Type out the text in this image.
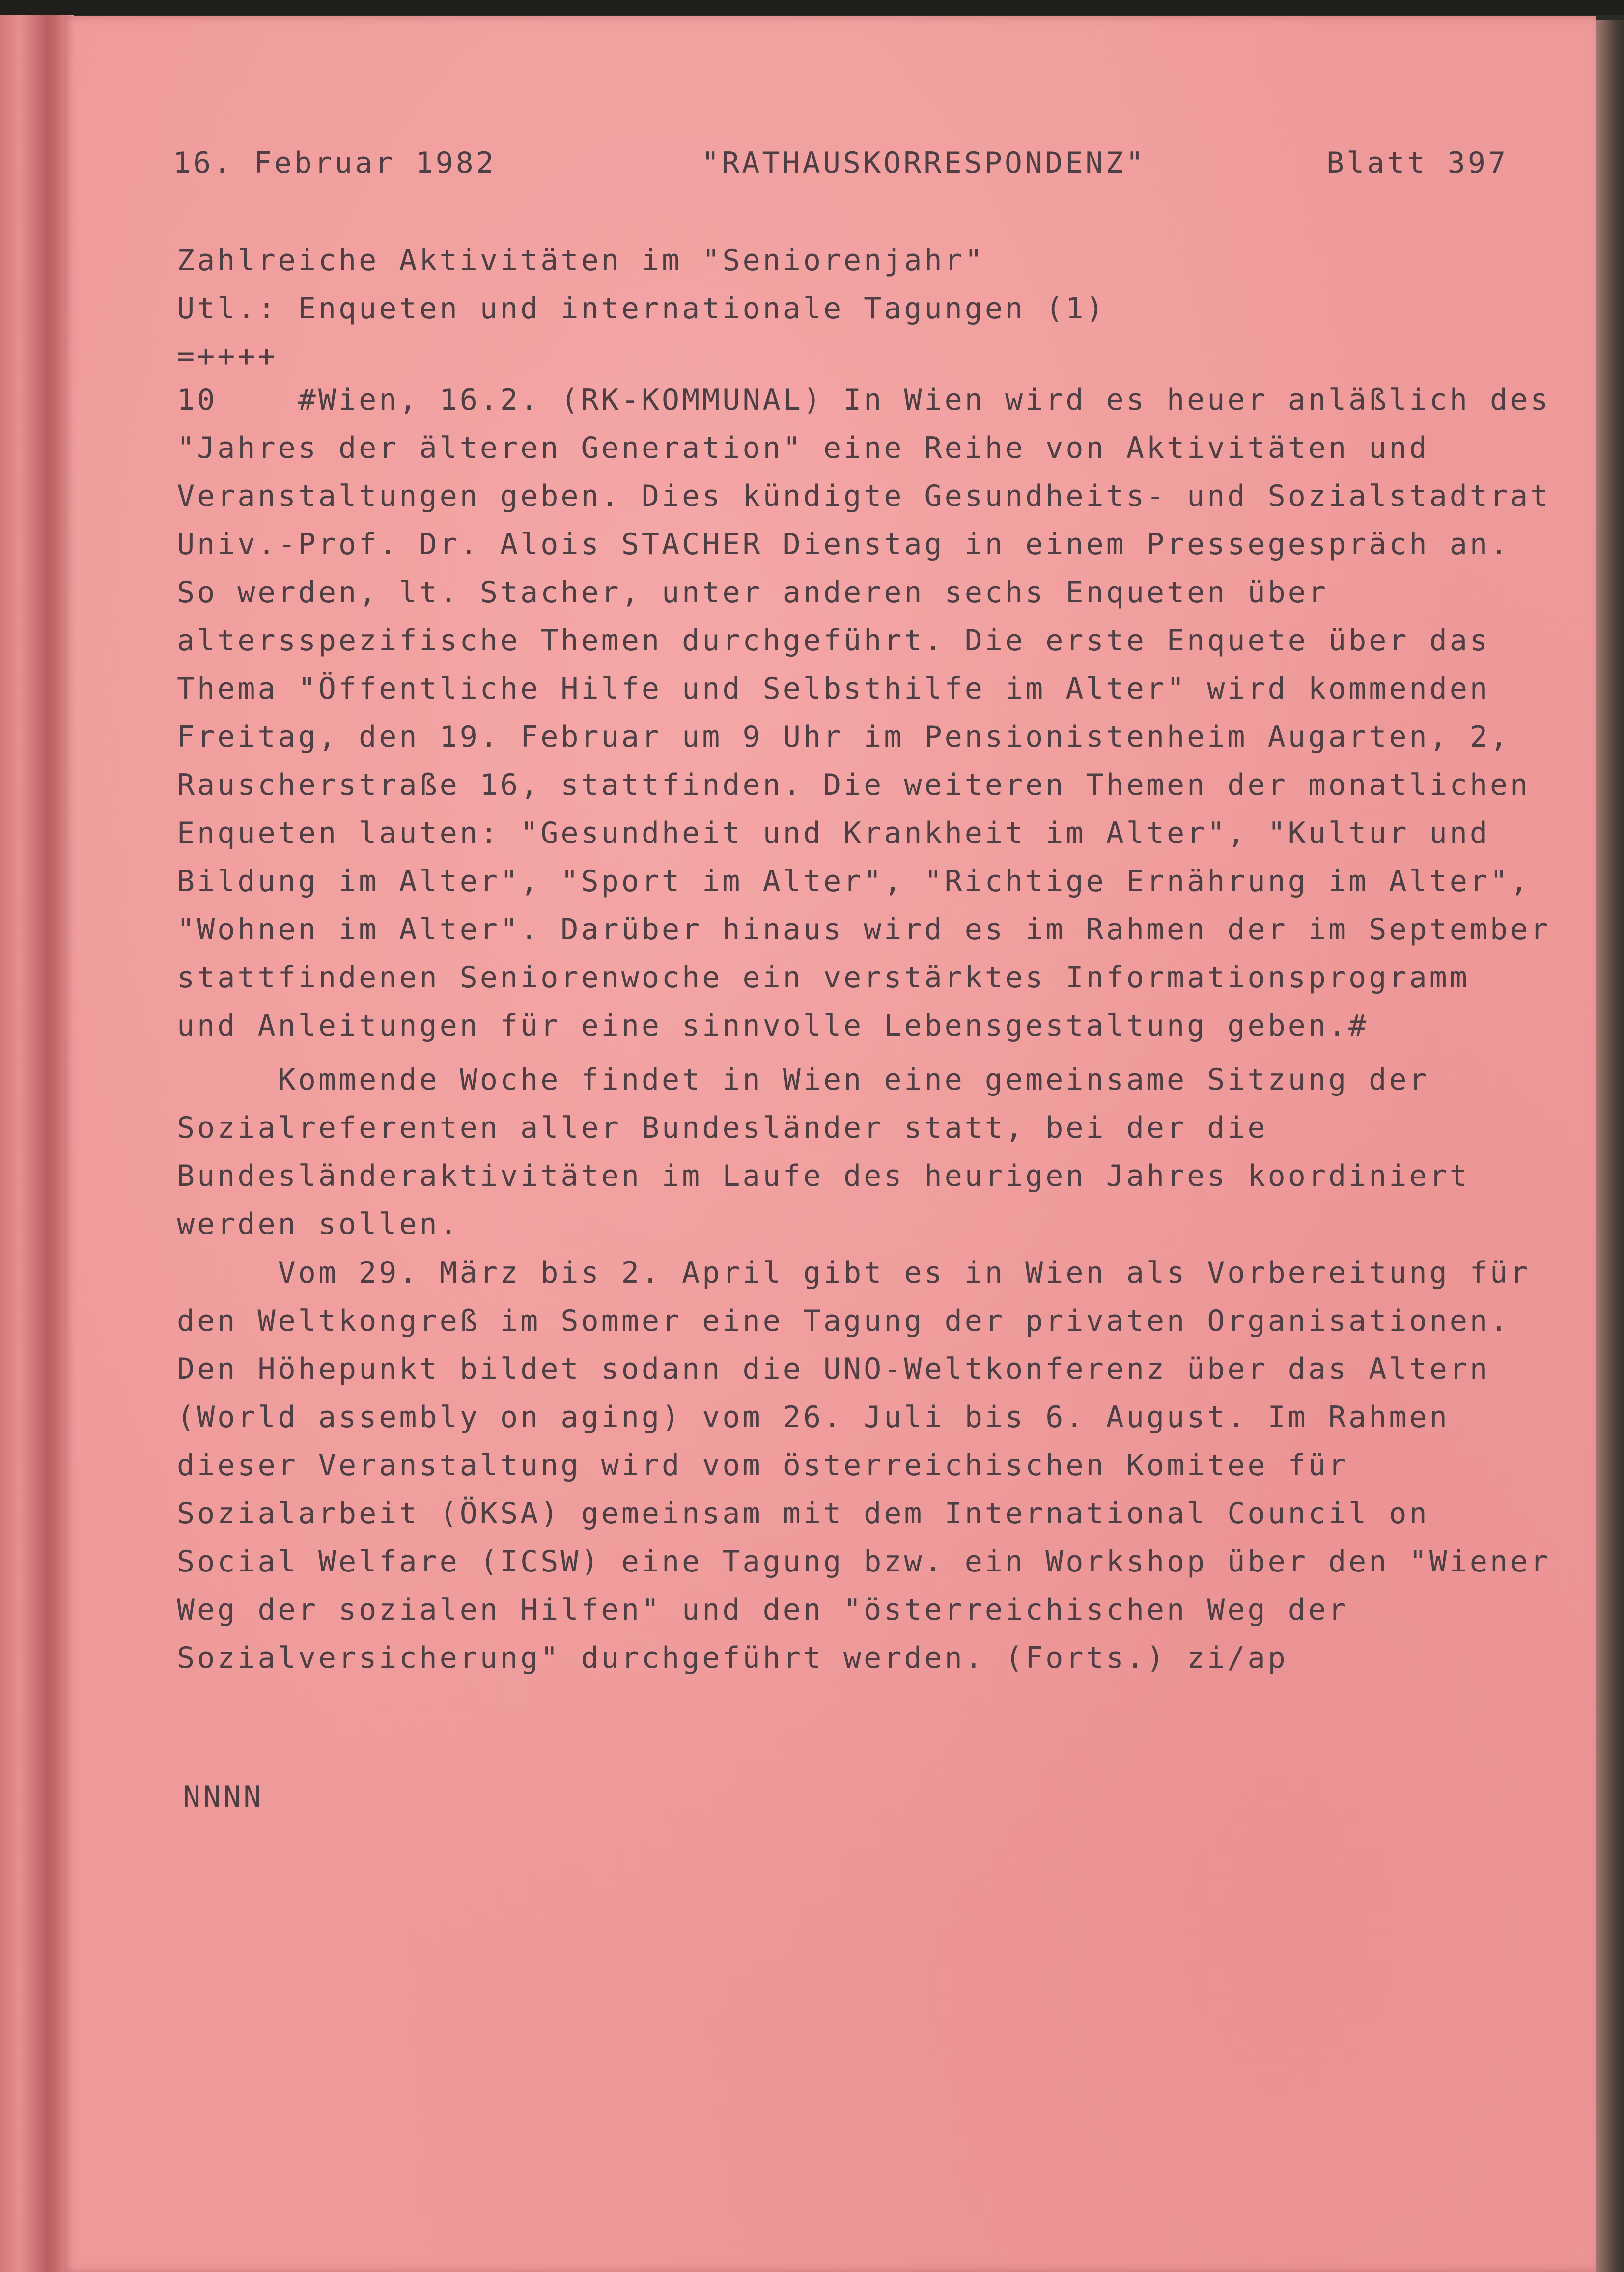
16. Februar 1982	"RATHAUSKORRESPONDENZ"	Blatt 397
Zahlreiche Aktivitäten im "Seniorenjahr"
Utl.: Enqueten und internationale Tagungen (1)
=++++
10    #Wien, 16.2. (RK-KOMMUNAL) In Wien wird es heuer anläßlich des
"Jahres der älteren Generation" eine Reihe von Aktivitäten und
Veranstaltungen geben. Dies kündigte Gesundheits- und Sozialstadtrat
Univ.-Prof. Dr. Alois STACHER Dienstag in einem Pressegespräch an.
So werden, lt. Stacher, unter anderen sechs Enqueten über
altersspezifische Themen durchgeführt. Die erste Enquete über das
Thema "Öffentliche Hilfe und Selbsthilfe im Alter" wird kommenden
Freitag, den 19. Februar um 9 Uhr im Pensionistenheim Augarten, 2,
Rauscherstraße 16, stattfinden. Die weiteren Themen der monatlichen
Enqueten lauten: "Gesundheit und Krankheit im Alter", "Kultur und
Bildung im Alter", "Sport im Alter", "Richtige Ernährung im Alter",
"Wohnen im Alter". Darüber hinaus wird es im Rahmen der im September
stattfindenen Seniorenwoche ein verstärktes Informationsprogramm
und Anleitungen für eine sinnvolle Lebensgestaltung geben.#
Kommende Woche findet in Wien eine gemeinsame Sitzung der
Sozialreferenten aller Bundesländer statt, bei der die
Bundesländeraktivitäten im Laufe des heurigen Jahres koordiniert
werden sollen.
Vom 29. März bis 2. April gibt es in Wien als Vorbereitung für
den Weltkongreß im Sommer eine Tagung der privaten Organisationen.
Den Höhepunkt bildet sodann die UNO-Weltkonferenz über das Altern
(World assembly on aging) vom 26. Juli bis 6. August. Im Rahmen
dieser Veranstaltung wird vom österreichischen Komitee für
Sozialarbeit (ÖKSA) gemeinsam mit dem International Council on
Social Welfare (ICSW) eine Tagung bzw. ein Workshop über den "Wiener
Weg der sozialen Hilfen" und den "österreichischen Weg der
Sozialversicherung" durchgeführt werden. (Forts.) zi/ap
NNNN
